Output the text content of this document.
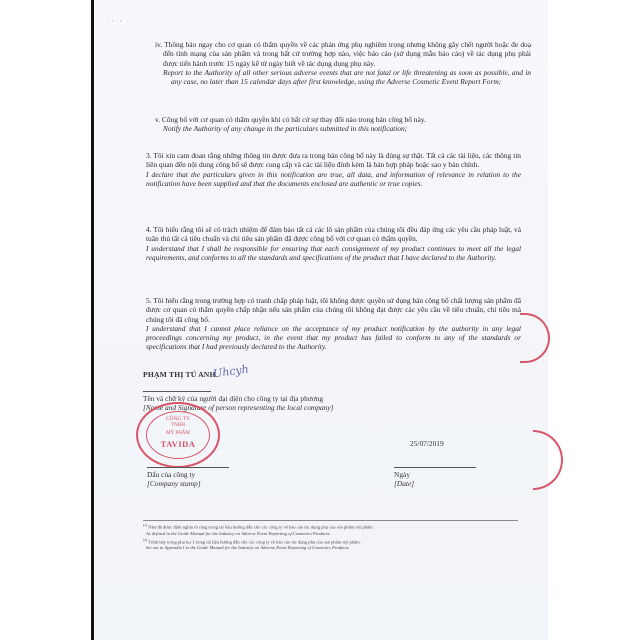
· ·ʻ˙ʻ ·
iv. Thông báo ngay cho cơ quan có thẩm quyền về các phản ứng phụ nghiêm trọng nhưng không gây chết người hoặc đe doạ đến tính mạng của sản phẩm và trong bất cứ trường hợp nào, việc báo cáo (sử dụng mẫu báo cáo) về tác dụng phụ phải được tiến hành trước 15 ngày kể từ ngày biết về tác dụng dụng phụ này.
Report to the Authority of all other serious adverse events that are not fatal or life threatening as soon as possible, and in any case, no later than 15 calendar days after first knowledge, using the Adverse Cosmetic Event Report Form;
v. Công bố với cơ quan có thẩm quyền khi có bất cứ sự thay đổi nào trong bản công bố này.
Notify the Authority of any change in the particulars submitted in this notification;
3. Tôi xin cam đoan rằng những thông tin được đưa ra trong bản công bố này là đúng sự thật. Tất cả các tài liệu, các thông tin liên quan đến nội dung công bố sẽ được cung cấp và các tài liệu đính kèm là bản hợp pháp hoặc sao y bản chính.
I declare that the particulars given in this notification are true, all data, and information of relevance in relation to the notification have been supplied and that the documents enclosed are authentic or true copies.
4. Tôi hiểu rằng tôi sẽ có trách nhiệm để đảm bảo tất cả các lô sản phẩm của chúng tôi đều đáp ứng các yêu cầu pháp luật, và tuân thủ tất cả tiêu chuẩn và chỉ tiêu sản phẩm đã được công bố với cơ quan có thẩm quyền.
I understand that I shall be responsible for ensuring that each consignment of my product continues to meet all the legal requirements, and conforms to all the standards and specifications of the product that I have declared to the Authority.
5. Tôi hiểu rằng trong trường hợp có tranh chấp pháp luật, tôi không được quyền sử dụng bản công bố chất lượng sản phẩm đã được cơ quan có thẩm quyền chấp nhận nếu sản phẩm của chúng tôi không đạt được các yêu cầu về tiêu chuẩn, chỉ tiêu mà chúng tôi đã công bố.
I understand that I cannot place reliance on the acceptance of my product notification by the authority in any legal proceedings concerning my product, in the event that my product has failed to conform to any of the standards or specifications that I had previously declared to the Authority.
PHẠM THỊ TÚ ANH
Uhcyh
Tên và chữ ký của người đại diện cho công ty tại địa phương
[Name and Signature of person representing the local company]
CÔNG TY
TNHH
MỸ PHẨM
TAVIDA
Dấu của công ty
[Company stamp]
25/07/2019
Ngày
[Date]
$^{(1)}$ Như đã được định nghĩa rõ ràng trong tài liệu hướng dẫn cho các công ty về báo cáo tác dụng phụ của sản phẩm mỹ phẩm.
As defined in the Guide Manual for the Industry on Adverse Event Reporting of Cosmetics Products.
$^{(2)}$ Trình bày trong phụ lục I trong tài liệu hướng dẫn cho các công ty về báo cáo tác dụng phụ của sản phẩm mỹ phẩm.
Set out in Appendix I to the Guide Manual for the Industry on Adverse Event Reporting of Cosmetics Products.
